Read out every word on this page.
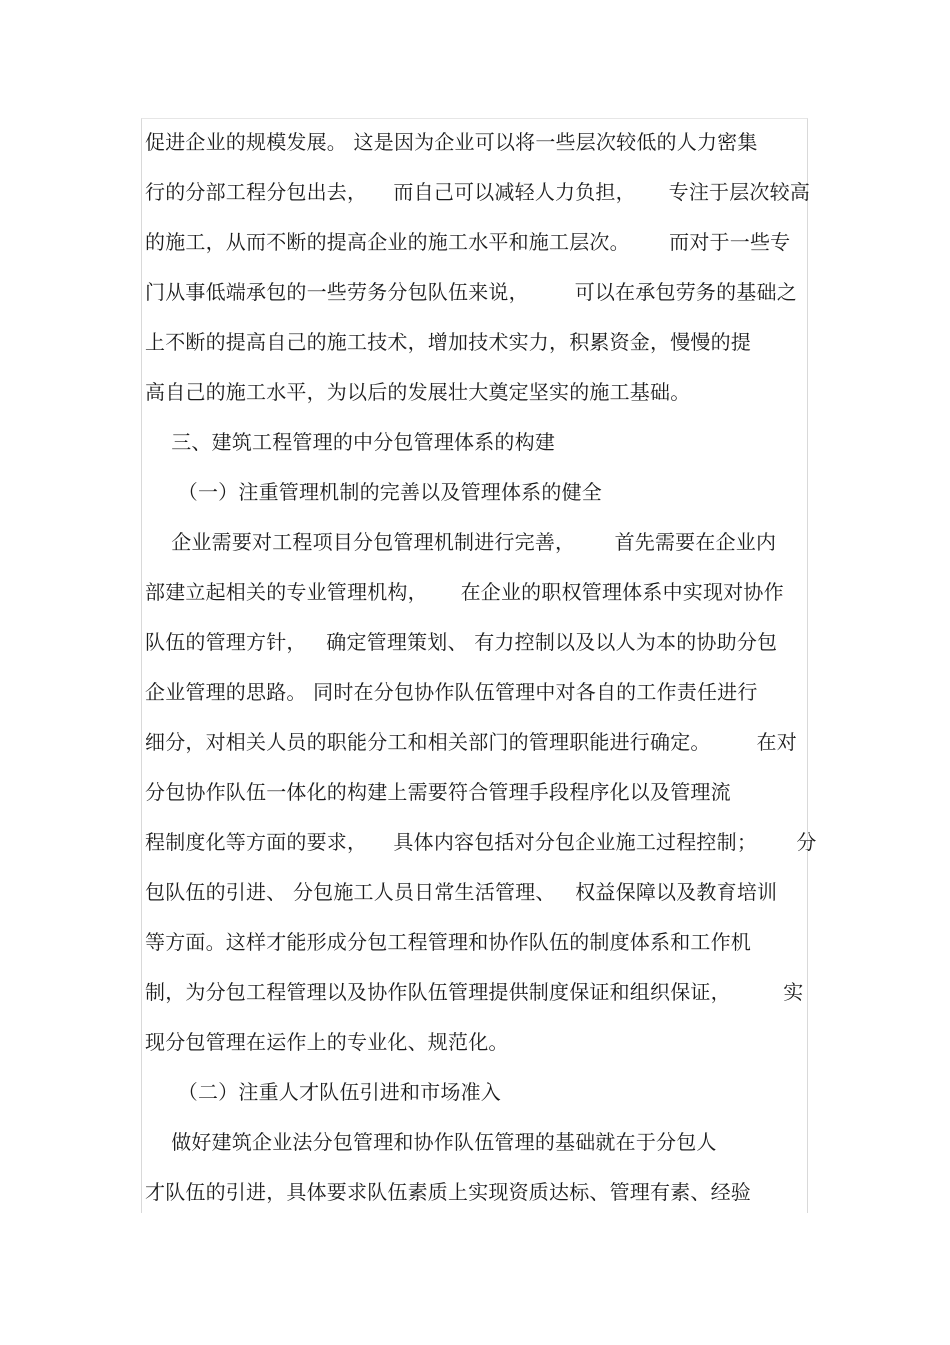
促进企业的规模发展。 这是因为企业可以将一些层次较低的人力密集
行的分部工程分包出去，    而自己可以减轻人力负担，     专注于层次较高
的施工，从而不断的提高企业的施工水平和施工层次。      而对于一些专
门从事低端承包的一些劳务分包队伍来说，       可以在承包劳务的基础之
上不断的提高自己的施工技术，增加技术实力，积累资金，慢慢的提
高自己的施工水平，为以后的发展壮大奠定坚实的施工基础。
三、建筑工程管理的中分包管理体系的构建
（一）注重管理机制的完善以及管理体系的健全
企业需要对工程项目分包管理机制进行完善，      首先需要在企业内
部建立起相关的专业管理机构，     在企业的职权管理体系中实现对协作
队伍的管理方针，   确定管理策划、 有力控制以及以人为本的协助分包
企业管理的思路。 同时在分包协作队伍管理中对各自的工作责任进行
细分，对相关人员的职能分工和相关部门的管理职能进行确定。       在对
分包协作队伍一体化的构建上需要符合管理手段程序化以及管理流
程制度化等方面的要求，    具体内容包括对分包企业施工过程控制；      分
包队伍的引进、 分包施工人员日常生活管理、   权益保障以及教育培训
等方面。这样才能形成分包工程管理和协作队伍的制度体系和工作机
制，为分包工程管理以及协作队伍管理提供制度保证和组织保证，        实
现分包管理在运作上的专业化、规范化。
（二）注重人才队伍引进和市场准入
做好建筑企业法分包管理和协作队伍管理的基础就在于分包人
才队伍的引进，具体要求队伍素质上实现资质达标、管理有素、经验
